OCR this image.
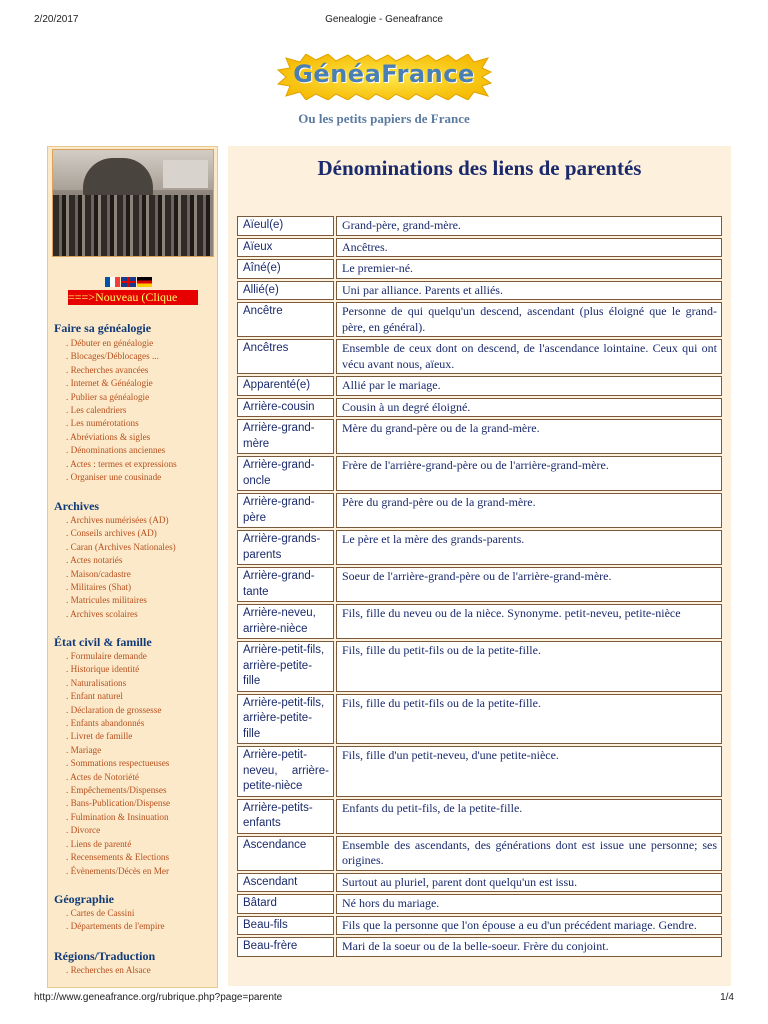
2/20/2017	Genealogie - Geneafrance
GénéaFrance
Ou les petits papiers de France
===>Nouveau (Clique
Faire sa généalogie
. Débuter en généalogie
. Blocages/Déblocages ...
. Recherches avancées
. Internet & Généalogie
. Publier sa généalogie
. Les calendriers
. Les numérotations
. Abréviations & sigles
. Dénominations anciennes
. Actes : termes et expressions
. Organiser une cousinade
Archives
. Archives numérisées (AD)
. Conseils archives (AD)
. Caran (Archives Nationales)
. Actes notariés
. Maison/cadastre
. Militaires (Shat)
. Matricules militaires
. Archives scolaires
État civil & famille
. Formulaire demande
. Historique identité
. Naturalisations
. Enfant naturel
. Déclaration de grossesse
. Enfants abandonnés
. Livret de famille
. Mariage
. Sommations respectueuses
. Actes de Notoriété
. Empêchements/Dispenses
. Bans-Publication/Dispense
. Fulmination & Insinuation
. Divorce
. Liens de parenté
. Recensements & Elections
. Évènements/Décès en Mer
Géographie
. Cartes de Cassini
. Départements de l'empire
Régions/Traduction
. Recherches en Alsace
Dénominations des liens de parentés
Aïeul(e)	Grand-père, grand-mère.
Aïeux	Ancêtres.
Aîné(e)	Le premier-né.
Allié(e)	Uni par alliance. Parents et alliés.
Ancêtre	Personne de qui quelqu'un descend, ascendant (plus éloigné que le grand-père, en général).
Ancêtres	Ensemble de ceux dont on descend, de l'ascendance lointaine. Ceux qui ont vécu avant nous, aïeux.
Apparenté(e)	Allié par le mariage.
Arrière-cousin	Cousin à un degré éloigné.
Arrière-grand-mère	Mère du grand-père ou de la grand-mère.
Arrière-grand-oncle	Frère de l'arrière-grand-père ou de l'arrière-grand-mère.
Arrière-grand-père	Père du grand-père ou de la grand-mère.
Arrière-grands-parents	Le père et la mère des grands-parents.
Arrière-grand-tante	Soeur de l'arrière-grand-père ou de l'arrière-grand-mère.
Arrière-neveu, arrière-nièce	Fils, fille du neveu ou de la nièce. Synonyme. petit-neveu, petite-nièce
Arrière-petit-fils, arrière-petite-fille	Fils, fille du petit-fils ou de la petite-fille.
Arrière-petit-fils, arrière-petite-fille	Fils, fille du petit-fils ou de la petite-fille.
Arrière-petit-neveu, arrière-petite-nièce	Fils, fille d'un petit-neveu, d'une petite-nièce.
Arrière-petits-enfants	Enfants du petit-fils, de la petite-fille.
Ascendance	Ensemble des ascendants, des générations dont est issue une personne; ses origines.
Ascendant	Surtout au pluriel, parent dont quelqu'un est issu.
Bâtard	Né hors du mariage.
Beau-fils	Fils que la personne que l'on épouse a eu d'un précédent mariage. Gendre.
Beau-frère	Mari de la soeur ou de la belle-soeur. Frère du conjoint.
http://www.geneafrance.org/rubrique.php?page=parente	1/4
